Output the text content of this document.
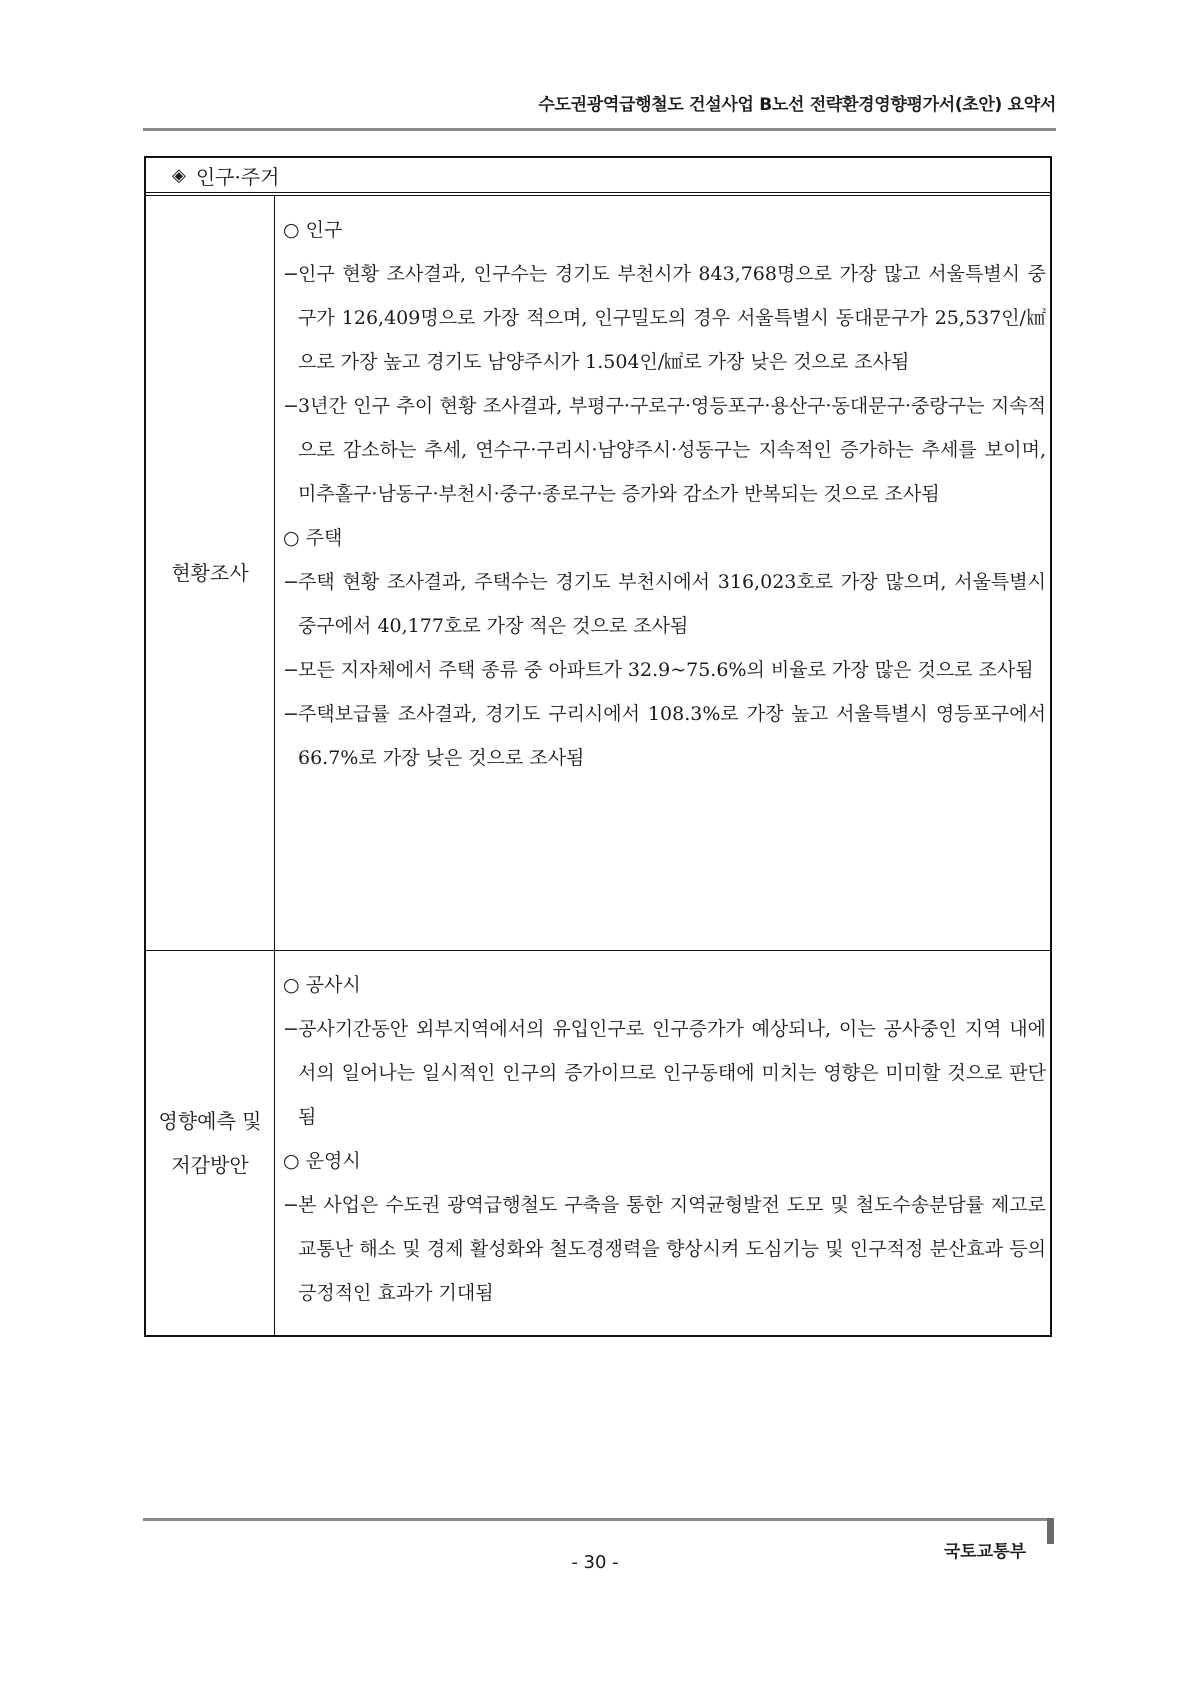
수도권광역급행철도 건설사업 B노선 전략환경영향평가서(초안) 요약서
◈ 인구·주거
현황조사
○ 인구
− 인구 현황 조사결과, 인구수는 경기도 부천시가 843,768명으로 가장 많고 서울특별시 중구가 126,409명으로 가장 적으며, 인구밀도의 경우 서울특별시 동대문구가 25,537인/㎢으로 가장 높고 경기도 남양주시가 1.504인/㎢로 가장 낮은 것으로 조사됨
− 3년간 인구 추이 현황 조사결과, 부평구·구로구·영등포구·용산구·동대문구·중랑구는 지속적으로 감소하는 추세, 연수구·구리시·남양주시·성동구는 지속적인 증가하는 추세를 보이며, 미추홀구·남동구·부천시·중구·종로구는 증가와 감소가 반복되는 것으로 조사됨
○ 주택
− 주택 현황 조사결과, 주택수는 경기도 부천시에서 316,023호로 가장 많으며, 서울특별시 중구에서 40,177호로 가장 적은 것으로 조사됨
− 모든 지자체에서 주택 종류 중 아파트가 32.9~75.6%의 비율로 가장 많은 것으로 조사됨
− 주택보급률 조사결과, 경기도 구리시에서 108.3%로 가장 높고 서울특별시 영등포구에서 66.7%로 가장 낮은 것으로 조사됨
영향예측 및
저감방안
○ 공사시
− 공사기간동안 외부지역에서의 유입인구로 인구증가가 예상되나, 이는 공사중인 지역 내에서의 일어나는 일시적인 인구의 증가이므로 인구동태에 미치는 영향은 미미할 것으로 판단됨
○ 운영시
− 본 사업은 수도권 광역급행철도 구축을 통한 지역균형발전 도모 및 철도수송분담률 제고로 교통난 해소 및 경제 활성화와 철도경쟁력을 향상시켜 도심기능 및 인구적정 분산효과 등의 긍정적인 효과가 기대됨
국토교통부
- 30 -
